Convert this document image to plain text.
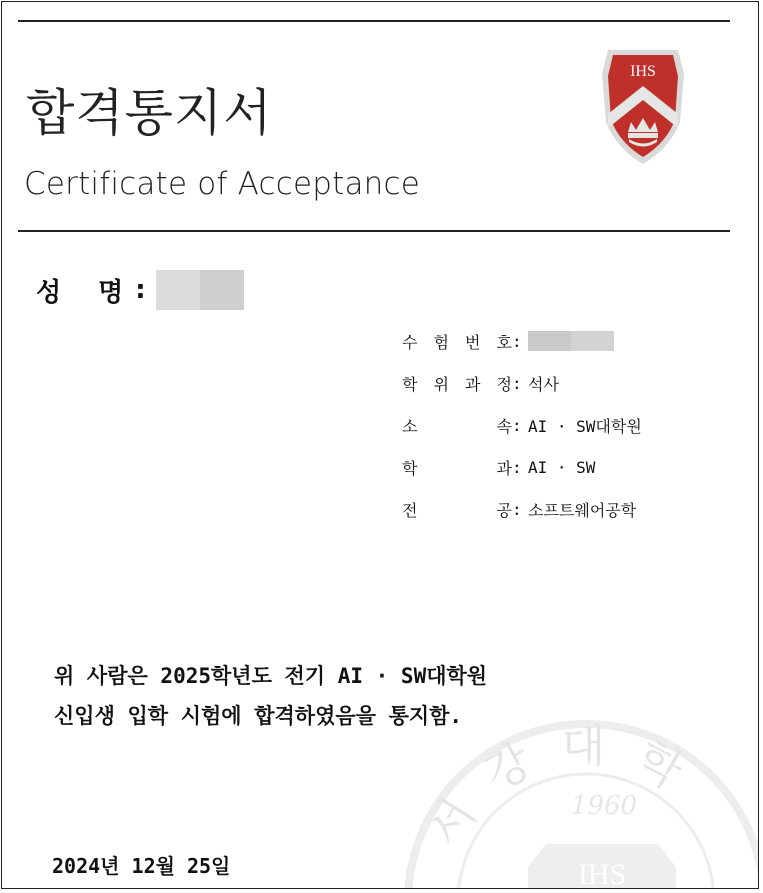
합격통지서
Certificate of Acceptance
IHS
성 명
:
수 험 번 호 :
학 위 과 정 : 석사
소	속 : AI · SW대학원
학	과 : AI · SW
전	공 : 소프트웨어공학
서 강 대 학
1960
IHS
위 사람은 2025학년도 전기 AI · SW대학원
신입생 입학 시험에 합격하였음을 통지함.
2024년 12월 25일
